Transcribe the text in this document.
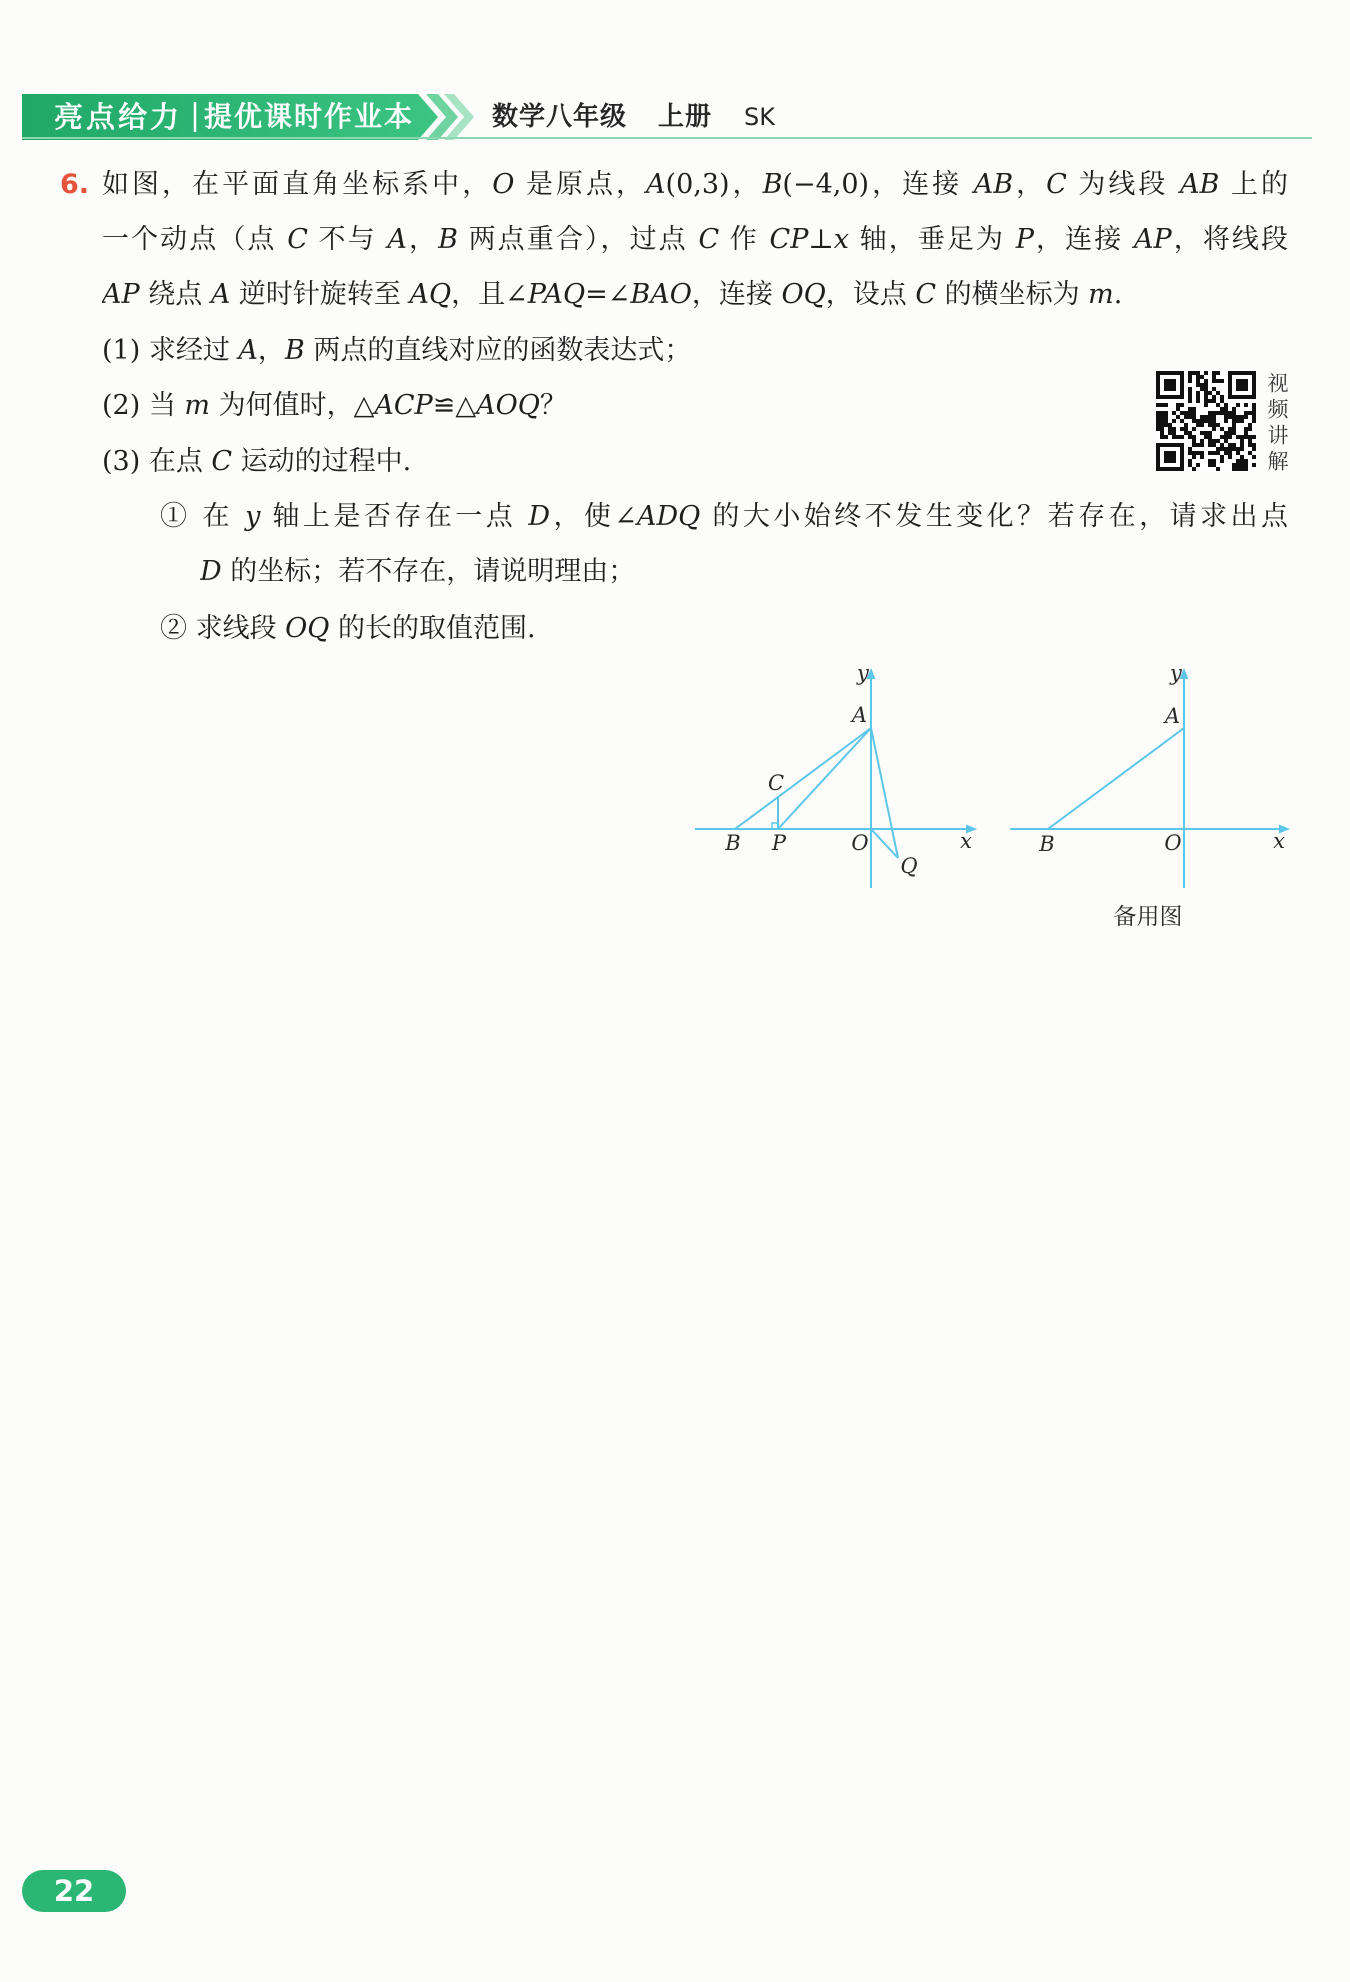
亮点给力 提优课时作业本	数学八年级	上册	SK
6. 如图，在平面直角坐标系中，O 是原点，A(0,3)，B(−4,0)，连接 AB，C 为线段 AB 上的
一个动点（点 C 不与 A，B 两点重合），过点 C 作 CP⊥x 轴，垂足为 P，连接 AP，将线段
AP 绕点 A 逆时针旋转至 AQ，且∠PAQ=∠BAO，连接 OQ，设点 C 的横坐标为 m.
(1) 求经过 A，B 两点的直线对应的函数表达式；
(2) 当 m 为何值时，△ACP≌△AOQ？
(3) 在点 C 运动的过程中.
① 在 y 轴上是否存在一点 D，使∠ADQ 的大小始终不发生变化？若存在，请求出点
D 的坐标；若不存在，请说明理由；
② 求线段 OQ 的长的取值范围.
视频讲解
y
A
C
B P	O	x
Q
y
A
B	O	x
备用图
22
